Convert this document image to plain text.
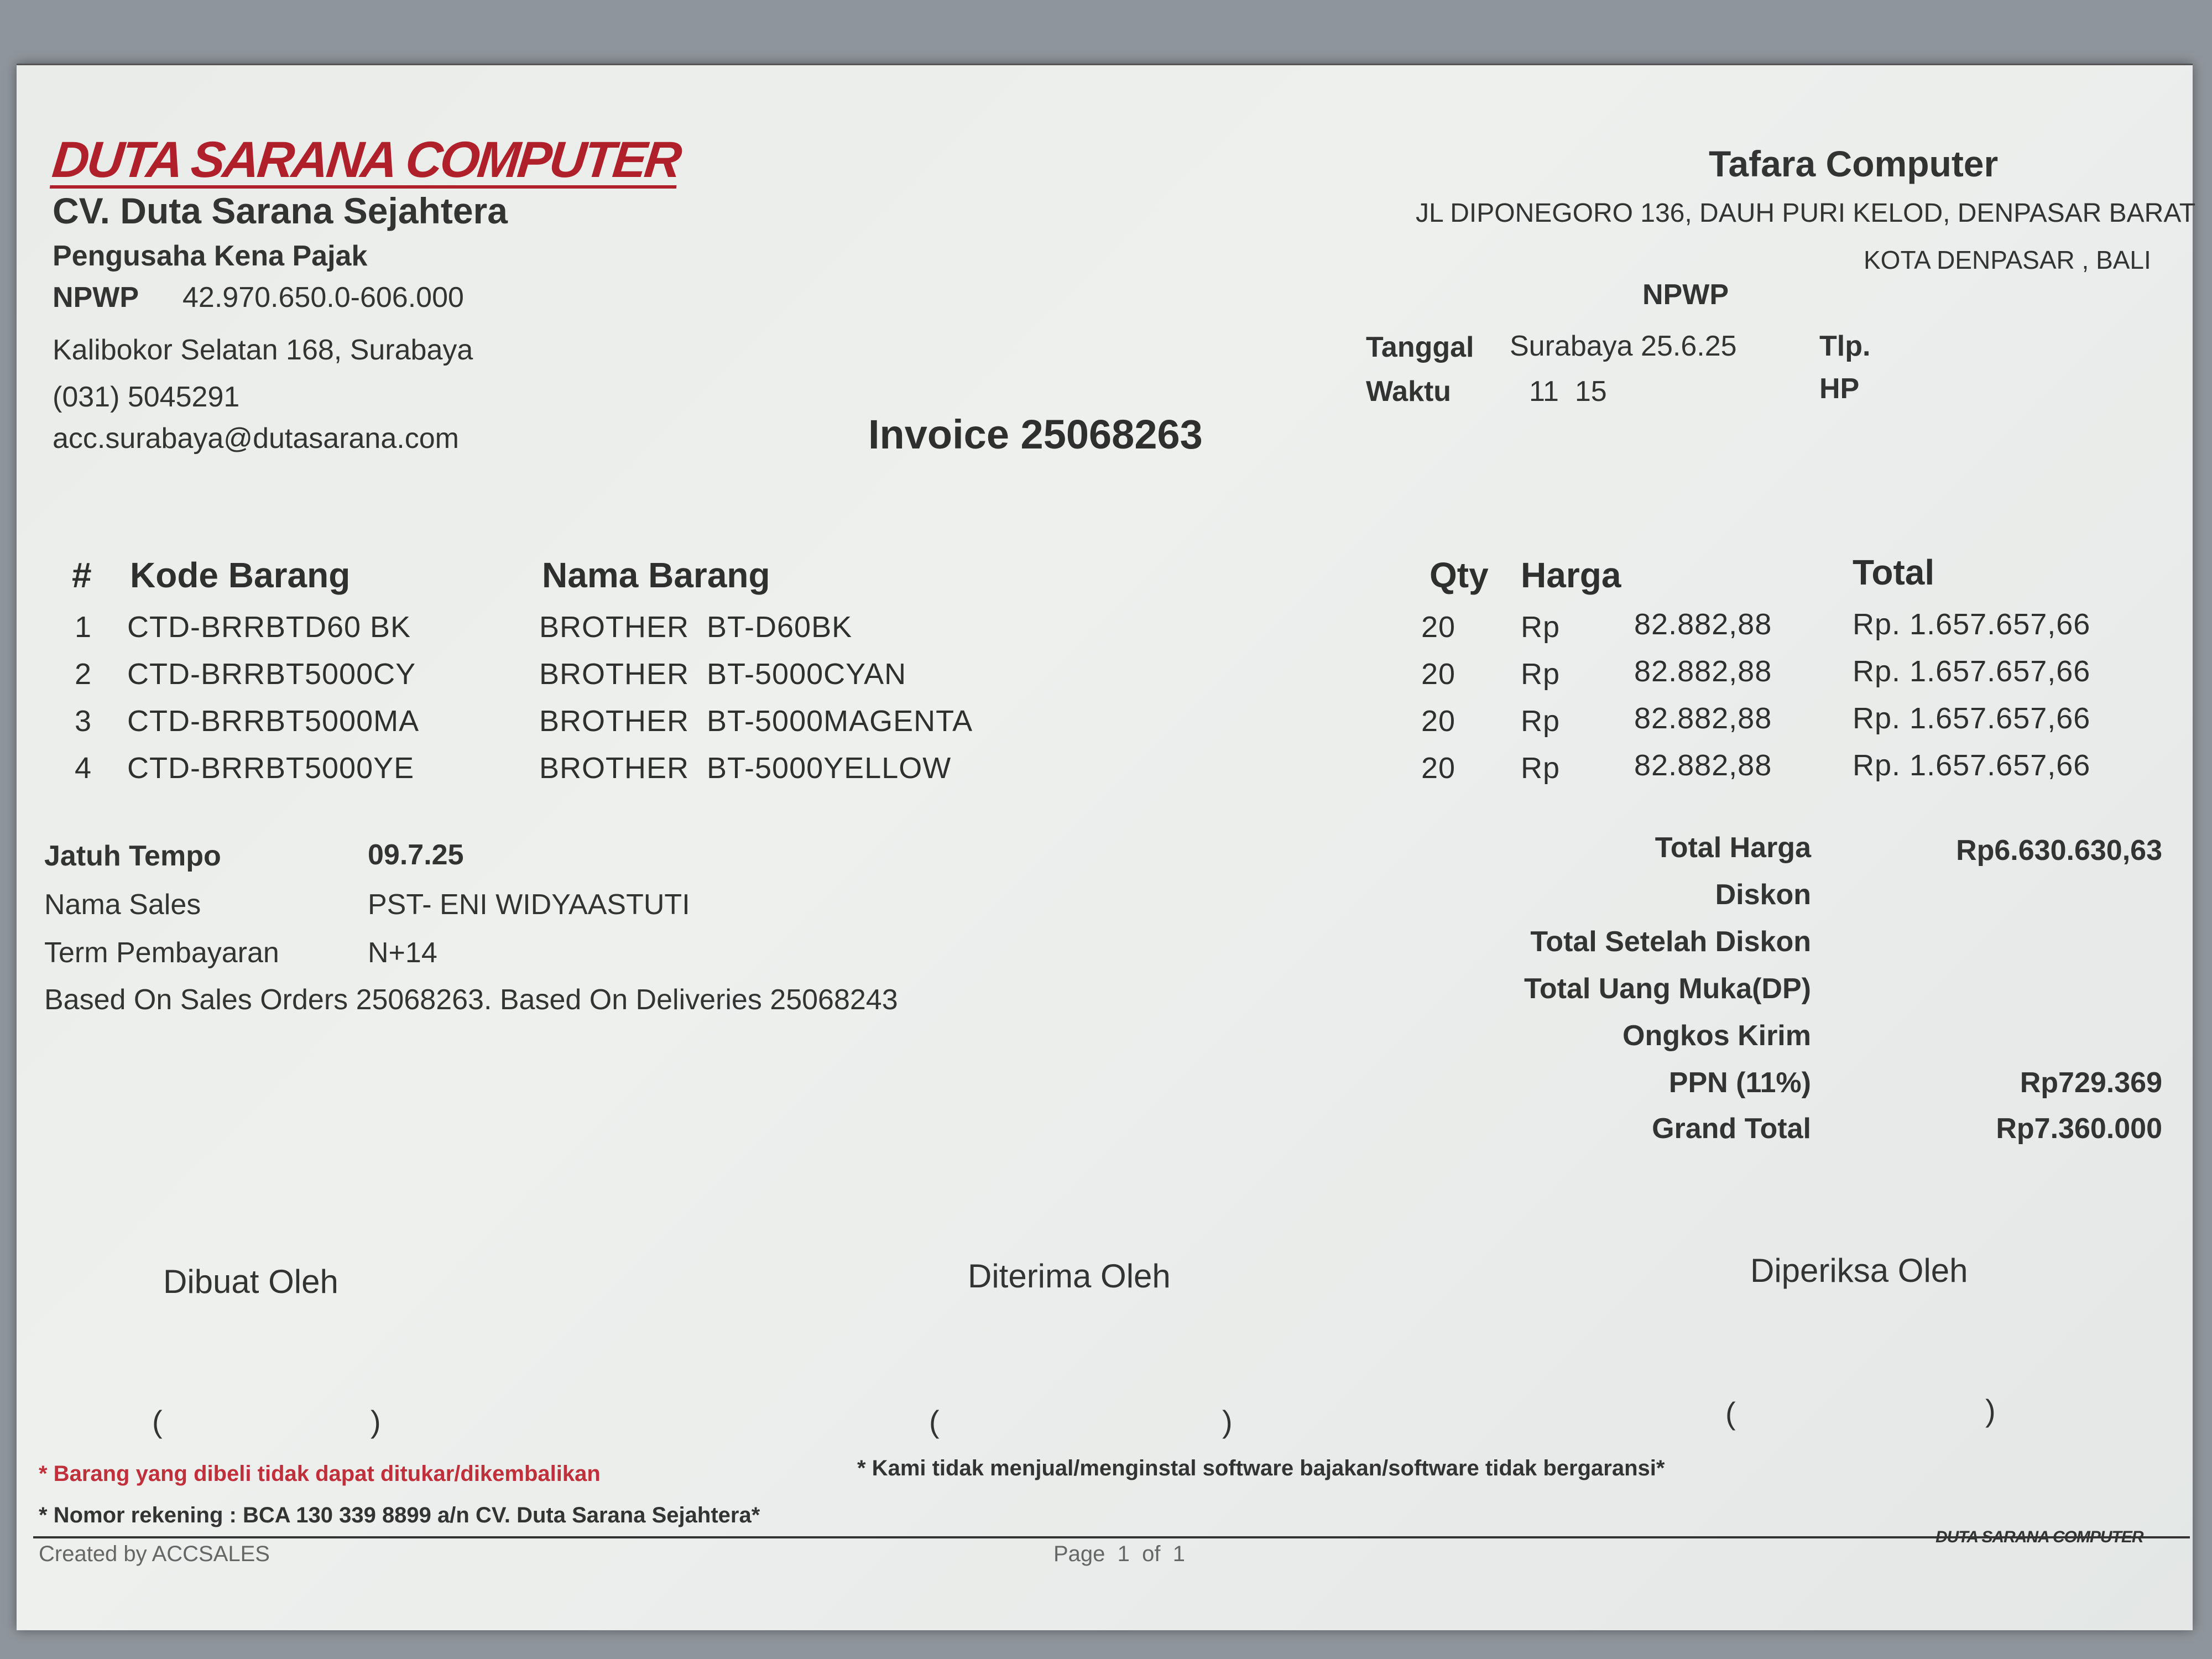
DUTA SARANA COMPUTER
CV. Duta Sarana Sejahtera
Pengusaha Kena Pajak
NPWP 42.970.650.0-606.000
Kalibokor Selatan 168, Surabaya
(031) 5045291
acc.surabaya@dutasarana.com	Invoice 25068263
Tafara Computer
JL DIPONEGORO 136, DAUH PURI KELOD, DENPASAR BARAT
KOTA DENPASAR , BALI
NPWP
Tanggal Surabaya 25.6.25	Tlp.
Waktu	11  15	HP
# Kode Barang	Nama Barang	Qty Harga	Total
1 CTD-BRRBTD60 BK	BROTHER  BT-D60BK	20 Rp 82.882,88	Rp. 1.657.657,66
2 CTD-BRRBT5000CY	BROTHER  BT-5000CYAN	20 Rp 82.882,88	Rp. 1.657.657,66
3 CTD-BRRBT5000MA	BROTHER  BT-5000MAGENTA	20 Rp 82.882,88	Rp. 1.657.657,66
4 CTD-BRRBT5000YE	BROTHER  BT-5000YELLOW	20 Rp 82.882,88	Rp. 1.657.657,66
Jatuh Tempo	09.7.25
Nama Sales	PST- ENI WIDYAASTUTI
Term Pembayaran	N+14
Based On Sales Orders 25068263. Based On Deliveries 25068243
Total Harga	Rp6.630.630,63
Diskon
Total Setelah Diskon
Total Uang Muka(DP)
Ongkos Kirim
PPN (11%)	Rp729.369
Grand Total	Rp7.360.000
Dibuat Oleh
(	)
Diterima Oleh
(	)
Diperiksa Oleh
(	)
* Barang yang dibeli tidak dapat ditukar/dikembalikan	* Kami tidak menjual/menginstal software bajakan/software tidak bergaransi*
* Nomor rekening : BCA 130 339 8899 a/n CV. Duta Sarana Sejahtera*
Created by ACCSALES	Page  1  of  1
DUTA SARANA COMPUTER
